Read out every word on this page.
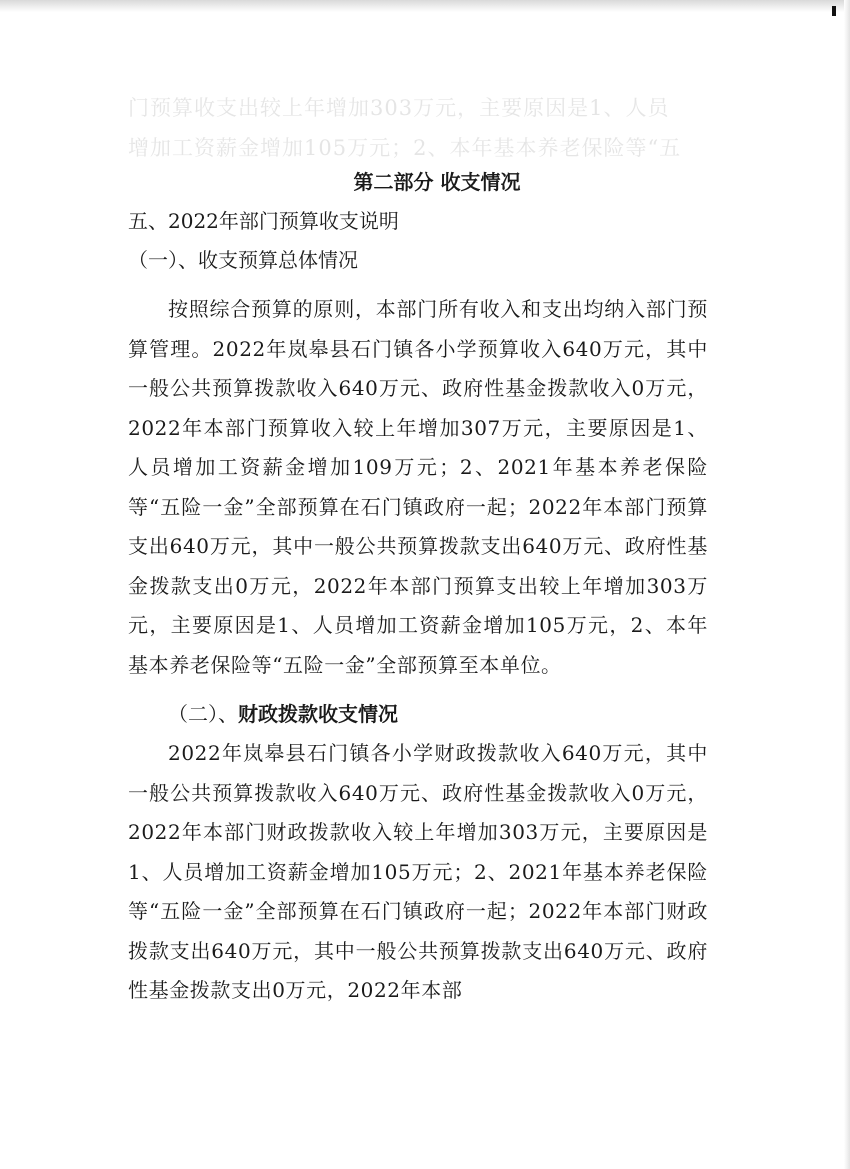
门预算收支出较上年增加303万元，主要原因是1、人员
增加工资薪金增加105万元；2、本年基本养老保险等“五
第二部分 收支情况

五、2022年部门预算收支说明

（一）、收支预算总体情况

按照综合预算的原则，本部门所有收入和支出均纳入部门预算管理。2022年岚皋县石门镇各小学预算收入640万元，其中一般公共预算拨款收入640万元、政府性基金拨款收入0万元，2022年本部门预算收入较上年增加307万元，主要原因是1、人员增加工资薪金增加109万元；2、2021年基本养老保险等“五险一金”全部预算在石门镇政府一起；2022年本部门预算支出640万元，其中一般公共预算拨款支出640万元、政府性基金拨款支出0万元，2022年本部门预算支出较上年增加303万元，主要原因是1、人员增加工资薪金增加105万元，2、本年基本养老保险等“五险一金”全部预算至本单位。

（二）、财政拨款收支情况

2022年岚皋县石门镇各小学财政拨款收入640万元，其中一般公共预算拨款收入640万元、政府性基金拨款收入0万元，2022年本部门财政拨款收入较上年增加303万元，主要原因是1、人员增加工资薪金增加105万元；2、2021年基本养老保险等“五险一金”全部预算在石门镇政府一起；2022年本部门财政拨款支出640万元，其中一般公共预算拨款支出640万元、政府性基金拨款支出0万元，2022年本部
